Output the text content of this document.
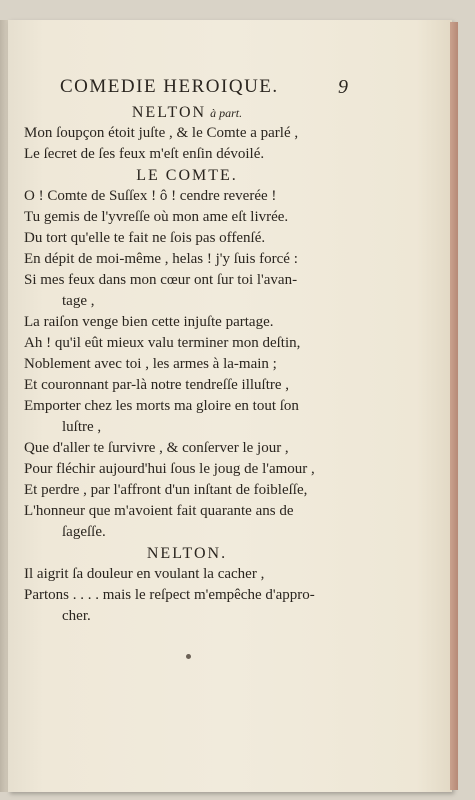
COMEDIE HEROIQUE.	9
NELTON à part.
Mon ſoupçon étoit juſte , & le Comte a parlé ,
Le ſecret de ſes feux m'eſt enſin dévoilé.
LE COMTE.
O ! Comte de Suſſex ! ô ! cendre reverée !
Tu gemis de l'yvreſſe où mon ame eſt livrée.
Du tort qu'elle te fait ne ſois pas offenſé.
En dépit de moi-même , helas ! j'y ſuis forcé :
Si mes feux dans mon cœur ont ſur toi l'avan-
tage ,
La raiſon venge bien cette injuſte partage.
Ah ! qu'il eût mieux valu terminer mon deſtin,
Noblement avec toi , les armes à la-main ;
Et couronnant par-là notre tendreſſe illuſtre ,
Emporter chez les morts ma gloire en tout ſon
luſtre ,
Que d'aller te ſurvivre , & conſerver le jour ,
Pour fléchir aujourd'hui ſous le joug de l'amour ,
Et perdre , par l'affront d'un inſtant de foibleſſe,
L'honneur que m'avoient fait quarante ans de
ſageſſe.
NELTON.
Il aigrit ſa douleur en voulant la cacher ,
Partons . . . . mais le reſpect m'empêche d'appro-
cher.
